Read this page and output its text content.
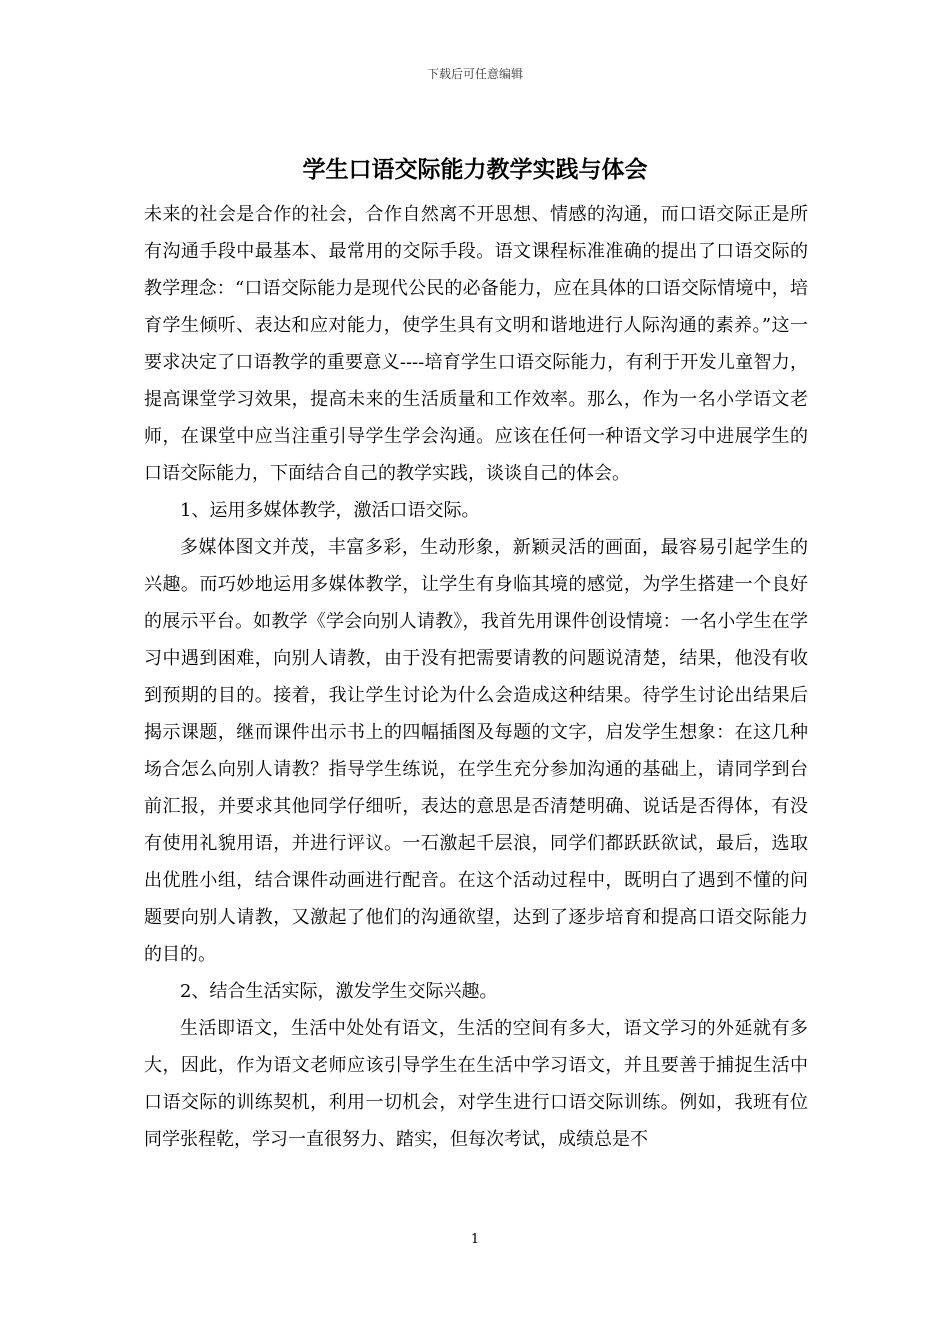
下载后可任意编辑
学生口语交际能力教学实践与体会

未来的社会是合作的社会，合作自然离不开思想、情感的沟通，而口语交际正是所有沟通手段中最基本、最常用的交际手段。语文课程标准准确的提出了口语交际的教学理念：“口语交际能力是现代公民的必备能力，应在具体的口语交际情境中，培育学生倾听、表达和应对能力，使学生具有文明和谐地进行人际沟通的素养。”这一要求决定了口语教学的重要意义----培育学生口语交际能力，有利于开发儿童智力，提高课堂学习效果，提高未来的生活质量和工作效率。那么，作为一名小学语文老师，在课堂中应当注重引导学生学会沟通。应该在任何一种语文学习中进展学生的口语交际能力，下面结合自己的教学实践，谈谈自己的体会。

1、运用多媒体教学，激活口语交际。

多媒体图文并茂，丰富多彩，生动形象，新颖灵活的画面，最容易引起学生的兴趣。而巧妙地运用多媒体教学，让学生有身临其境的感觉，为学生搭建一个良好的展示平台。如教学《学会向别人请教》，我首先用课件创设情境：一名小学生在学习中遇到困难，向别人请教，由于没有把需要请教的问题说清楚，结果，他没有收到预期的目的。接着，我让学生讨论为什么会造成这种结果。待学生讨论出结果后揭示课题，继而课件出示书上的四幅插图及每题的文字，启发学生想象：在这几种场合怎么向别人请教？指导学生练说，在学生充分参加沟通的基础上，请同学到台前汇报，并要求其他同学仔细听，表达的意思是否清楚明确、说话是否得体，有没有使用礼貌用语，并进行评议。一石激起千层浪，同学们都跃跃欲试，最后，选取出优胜小组，结合课件动画进行配音。在这个活动过程中，既明白了遇到不懂的问题要向别人请教，又激起了他们的沟通欲望，达到了逐步培育和提高口语交际能力的目的。

2、结合生活实际，激发学生交际兴趣。

生活即语文，生活中处处有语文，生活的空间有多大，语文学习的外延就有多大，因此，作为语文老师应该引导学生在生活中学习语文，并且要善于捕捉生活中口语交际的训练契机，利用一切机会，对学生进行口语交际训练。例如，我班有位同学张程乾，学习一直很努力、踏实，但每次考试，成绩总是不

1
